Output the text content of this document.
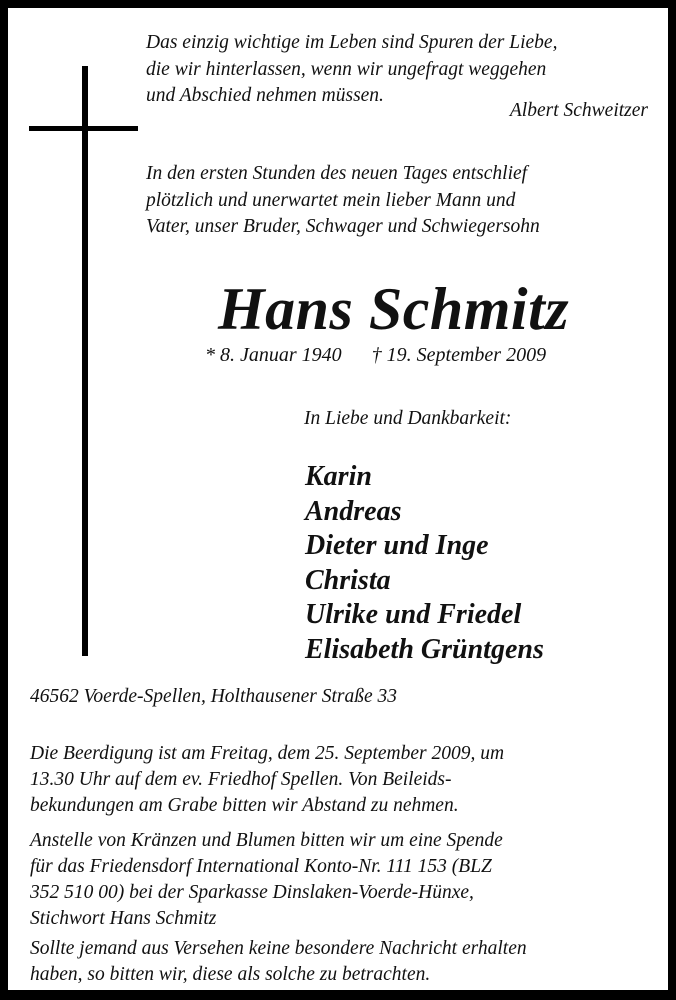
Das einzig wichtige im Leben sind Spuren der Liebe,
die wir hinterlassen, wenn wir ungefragt weggehen
und Abschied nehmen müssen.
Albert Schweitzer
In den ersten Stunden des neuen Tages entschlief
plötzlich und unerwartet mein lieber Mann und
Vater, unser Bruder, Schwager und Schwiegersohn
Hans Schmitz
* 8. Januar 1940 † 19. September 2009
In Liebe und Dankbarkeit:
Karin
Andreas
Dieter und Inge
Christa
Ulrike und Friedel
Elisabeth Grüntgens
46562 Voerde-Spellen, Holthausener Straße 33
Die Beerdigung ist am Freitag, dem 25. September 2009, um
13.30 Uhr auf dem ev. Friedhof Spellen. Von Beileids-
bekundungen am Grabe bitten wir Abstand zu nehmen.
Anstelle von Kränzen und Blumen bitten wir um eine Spende
für das Friedensdorf International Konto-Nr. 111 153 (BLZ
352 510 00) bei der Sparkasse Dinslaken-Voerde-Hünxe,
Stichwort Hans Schmitz
Sollte jemand aus Versehen keine besondere Nachricht erhalten
haben, so bitten wir, diese als solche zu betrachten.
